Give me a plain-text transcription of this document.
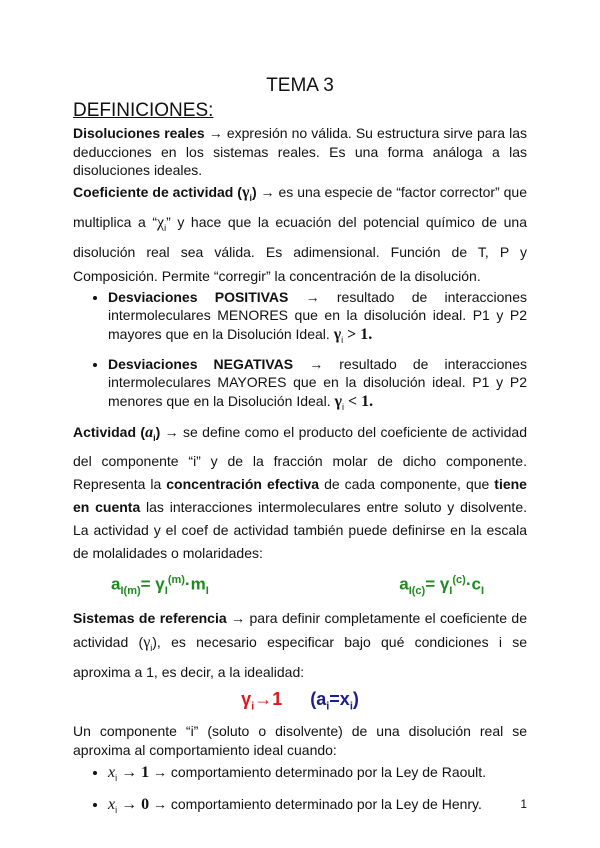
TEMA 3
DEFINICIONES:

Disoluciones reales → expresión no válida. Su estructura sirve para las deducciones en los sistemas reales. Es una forma análoga a las disoluciones ideales.

Coeficiente de actividad $(\gamma_i)$ → es una especie de “factor corrector” que multiplica a “$\chi_i$” y hace que la ecuación del potencial químico de una disolución real sea válida. Es adimensional. Función de T, P y Composición. Permite “corregir” la concentración de la disolución.

• Desviaciones POSITIVAS → resultado de interacciones intermoleculares MENORES que en la disolución ideal. P1 y P2 mayores que en la Disolución Ideal. $\gamma_i > 1$.
• Desviaciones NEGATIVAS → resultado de interacciones intermoleculares MAYORES que en la disolución ideal. P1 y P2 menores que en la Disolución Ideal. $\gamma_i < 1$.

Actividad $(a_i)$ → se define como el producto del coeficiente de actividad del componente “i” y de la fracción molar de dicho componente. Representa la concentración efectiva de cada componente, que tiene en cuenta las interacciones intermoleculares entre soluto y disolvente. La actividad y el coef de actividad también puede definirse en la escala de molalidades o molaridades:

$a_{I(m)}= \gamma_I^{(m)}\cdot m_I$	$a_{I(c)}= \gamma_I^{(c)}\cdot c_I$

Sistemas de referencia → para definir completamente el coeficiente de actividad $(\gamma_i)$, es necesario especificar bajo qué condiciones i se aproxima a 1, es decir, a la idealidad:

$\gamma_i\to 1$ $(a_i=x_i)$

Un componente “i” (soluto o disolvente) de una disolución real se aproxima al comportamiento ideal cuando:

• $x_i \to 1$ → comportamiento determinado por la Ley de Raoult.
• $x_i \to 0$ → comportamiento determinado por la Ley de Henry.	1
